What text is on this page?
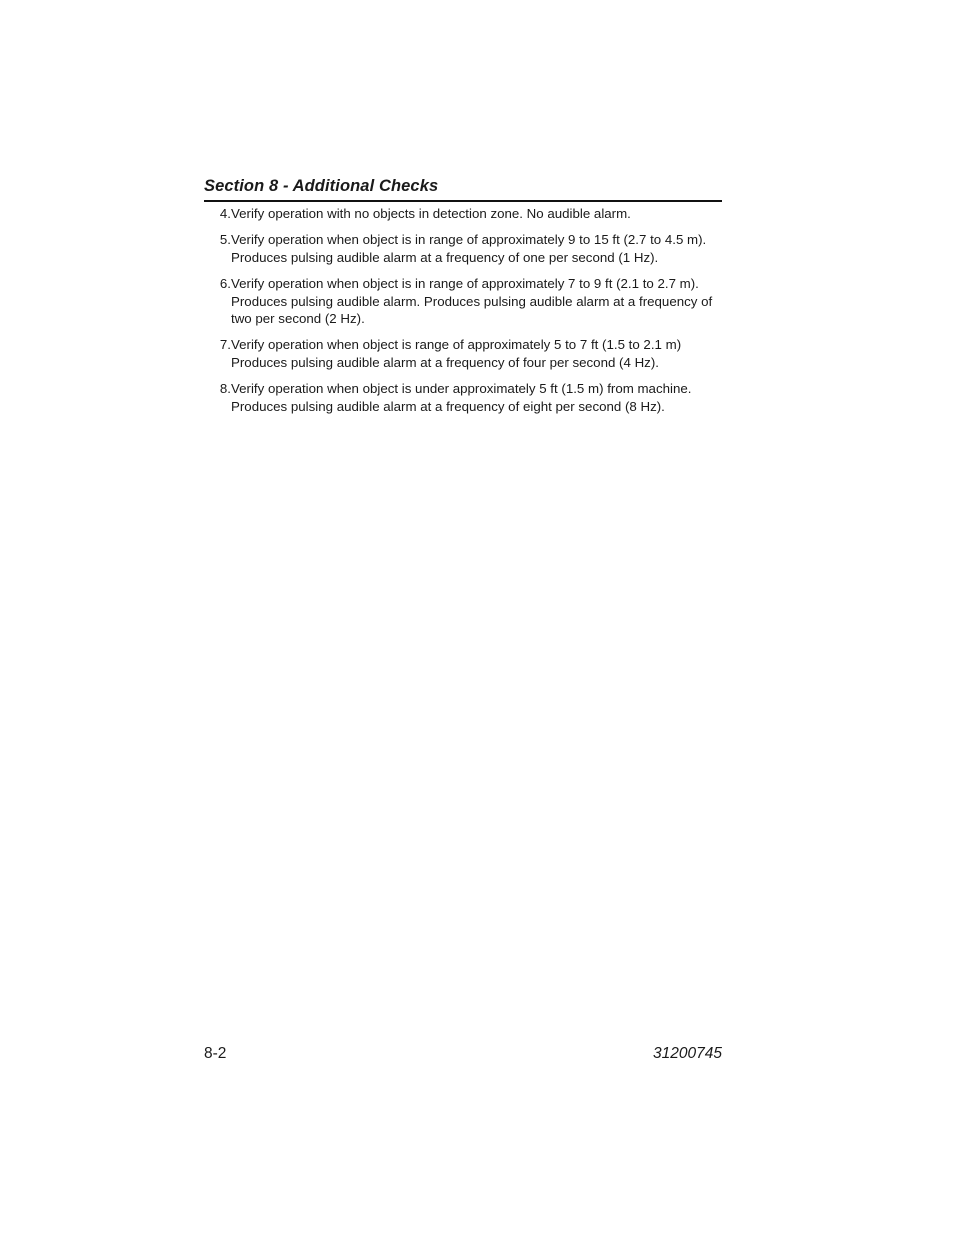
Section 8 - Additional Checks
4. Verify operation with no objects in detection zone. No audible alarm.
5. Verify operation when object is in range of approximately 9 to 15 ft (2.7 to 4.5 m). Produces pulsing audible alarm at a frequency of one per second (1 Hz).
6. Verify operation when object is in range of approximately 7 to 9 ft (2.1 to 2.7 m). Produces pulsing audible alarm. Produces pulsing audible alarm at a frequency of two per second (2 Hz).
7. Verify operation when object is range of approximately 5 to 7 ft (1.5 to 2.1 m) Produces pulsing audible alarm at a frequency of four per second (4 Hz).
8. Verify operation when object is under approximately 5 ft (1.5 m) from machine. Produces pulsing audible alarm at a frequency of eight per second (8 Hz).
8-2	31200745
